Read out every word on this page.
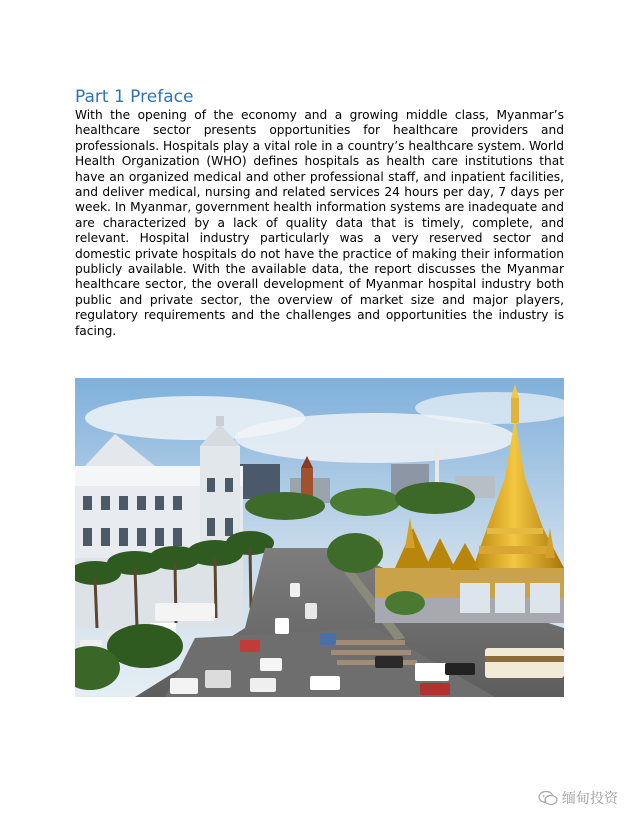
Part 1 Preface

With the opening of the economy and a growing middle class, Myanmar’s healthcare sector presents opportunities for healthcare providers and professionals. Hospitals play a vital role in a country’s healthcare system. World Health Organization (WHO) defines hospitals as health care institutions that have an organized medical and other professional staff, and inpatient facilities, and deliver medical, nursing and related services 24 hours per day, 7 days per week. In Myanmar, government health information systems are inadequate and are characterized by a lack of quality data that is timely, complete, and relevant. Hospital industry particularly was a very reserved sector and domestic private hospitals do not have the practice of making their information publicly available. With the available data, the report discusses the Myanmar healthcare sector, the overall development of Myanmar hospital industry both public and private sector, the overview of market size and major players, regulatory requirements and the challenges and opportunities the industry is facing.

缅甸投资
